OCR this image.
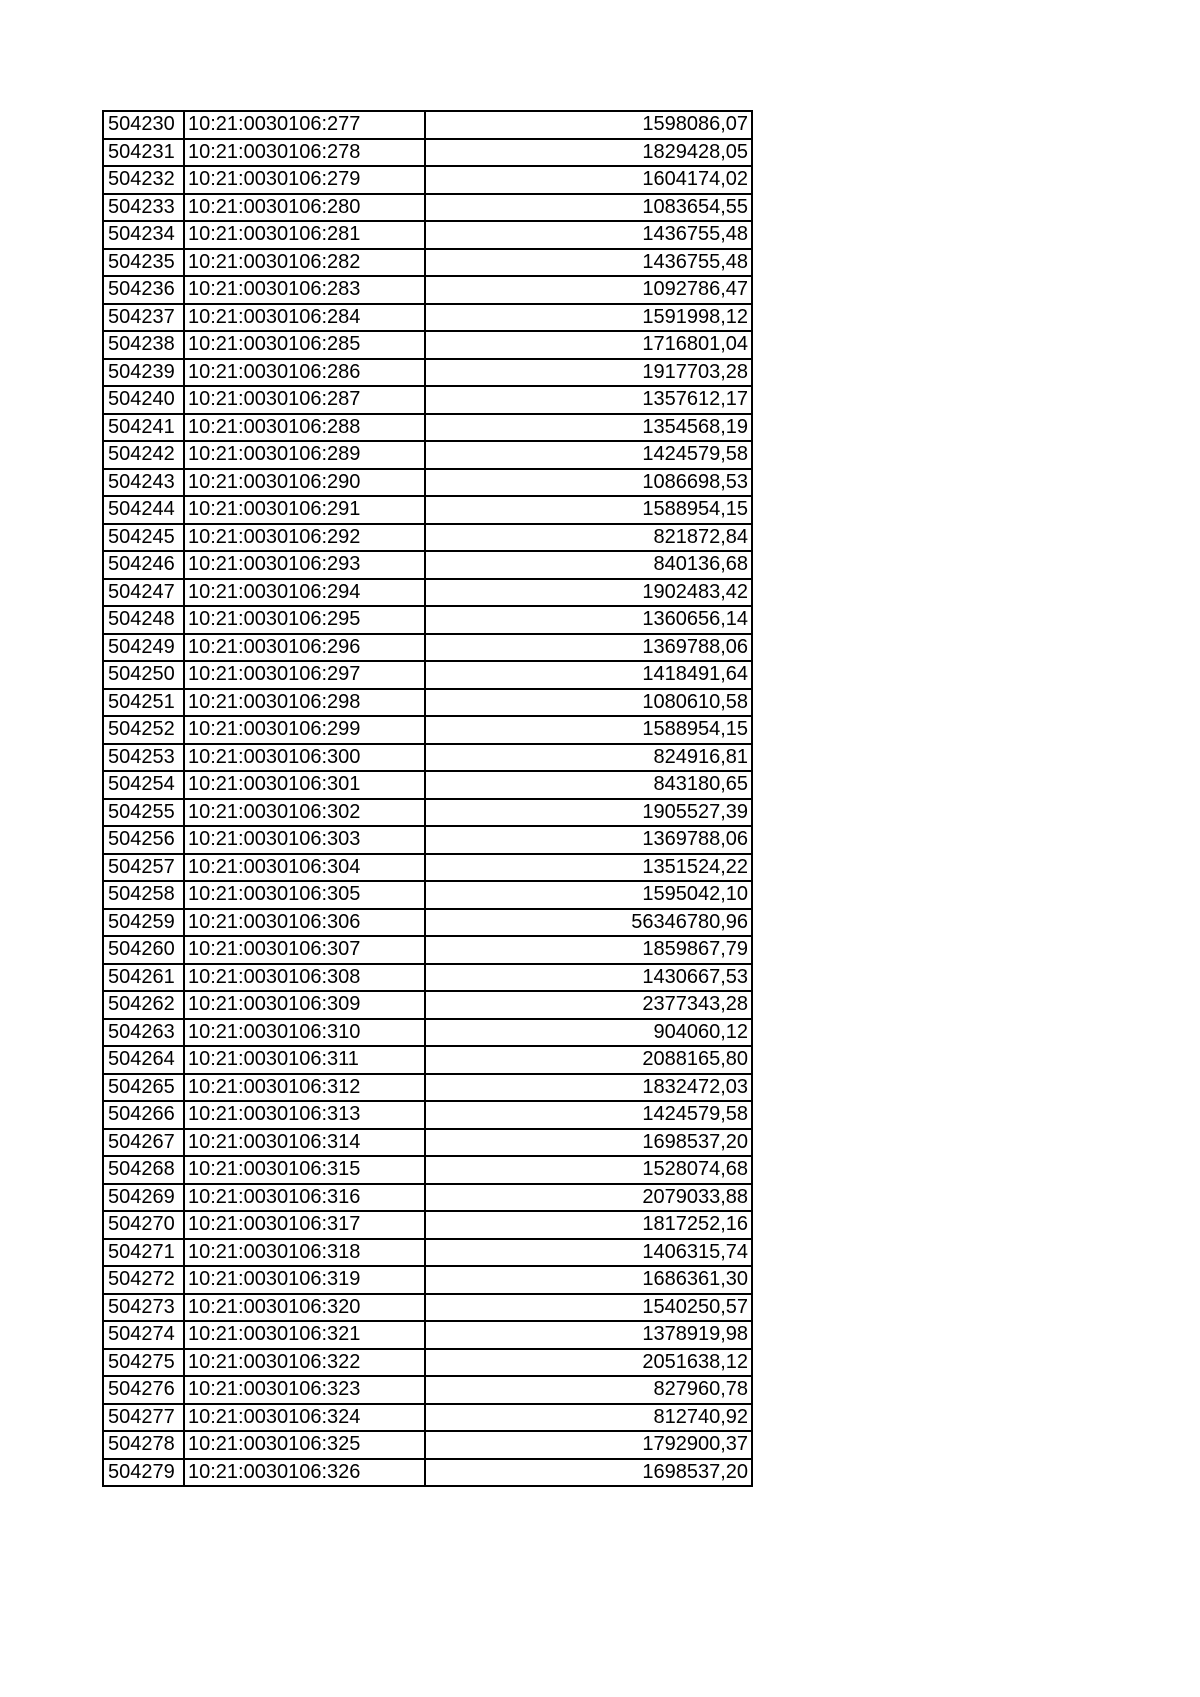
504230	10:21:0030106:277	1598086,07
504231	10:21:0030106:278	1829428,05
504232	10:21:0030106:279	1604174,02
504233	10:21:0030106:280	1083654,55
504234	10:21:0030106:281	1436755,48
504235	10:21:0030106:282	1436755,48
504236	10:21:0030106:283	1092786,47
504237	10:21:0030106:284	1591998,12
504238	10:21:0030106:285	1716801,04
504239	10:21:0030106:286	1917703,28
504240	10:21:0030106:287	1357612,17
504241	10:21:0030106:288	1354568,19
504242	10:21:0030106:289	1424579,58
504243	10:21:0030106:290	1086698,53
504244	10:21:0030106:291	1588954,15
504245	10:21:0030106:292	821872,84
504246	10:21:0030106:293	840136,68
504247	10:21:0030106:294	1902483,42
504248	10:21:0030106:295	1360656,14
504249	10:21:0030106:296	1369788,06
504250	10:21:0030106:297	1418491,64
504251	10:21:0030106:298	1080610,58
504252	10:21:0030106:299	1588954,15
504253	10:21:0030106:300	824916,81
504254	10:21:0030106:301	843180,65
504255	10:21:0030106:302	1905527,39
504256	10:21:0030106:303	1369788,06
504257	10:21:0030106:304	1351524,22
504258	10:21:0030106:305	1595042,10
504259	10:21:0030106:306	56346780,96
504260	10:21:0030106:307	1859867,79
504261	10:21:0030106:308	1430667,53
504262	10:21:0030106:309	2377343,28
504263	10:21:0030106:310	904060,12
504264	10:21:0030106:311	2088165,80
504265	10:21:0030106:312	1832472,03
504266	10:21:0030106:313	1424579,58
504267	10:21:0030106:314	1698537,20
504268	10:21:0030106:315	1528074,68
504269	10:21:0030106:316	2079033,88
504270	10:21:0030106:317	1817252,16
504271	10:21:0030106:318	1406315,74
504272	10:21:0030106:319	1686361,30
504273	10:21:0030106:320	1540250,57
504274	10:21:0030106:321	1378919,98
504275	10:21:0030106:322	2051638,12
504276	10:21:0030106:323	827960,78
504277	10:21:0030106:324	812740,92
504278	10:21:0030106:325	1792900,37
504279	10:21:0030106:326	1698537,20
